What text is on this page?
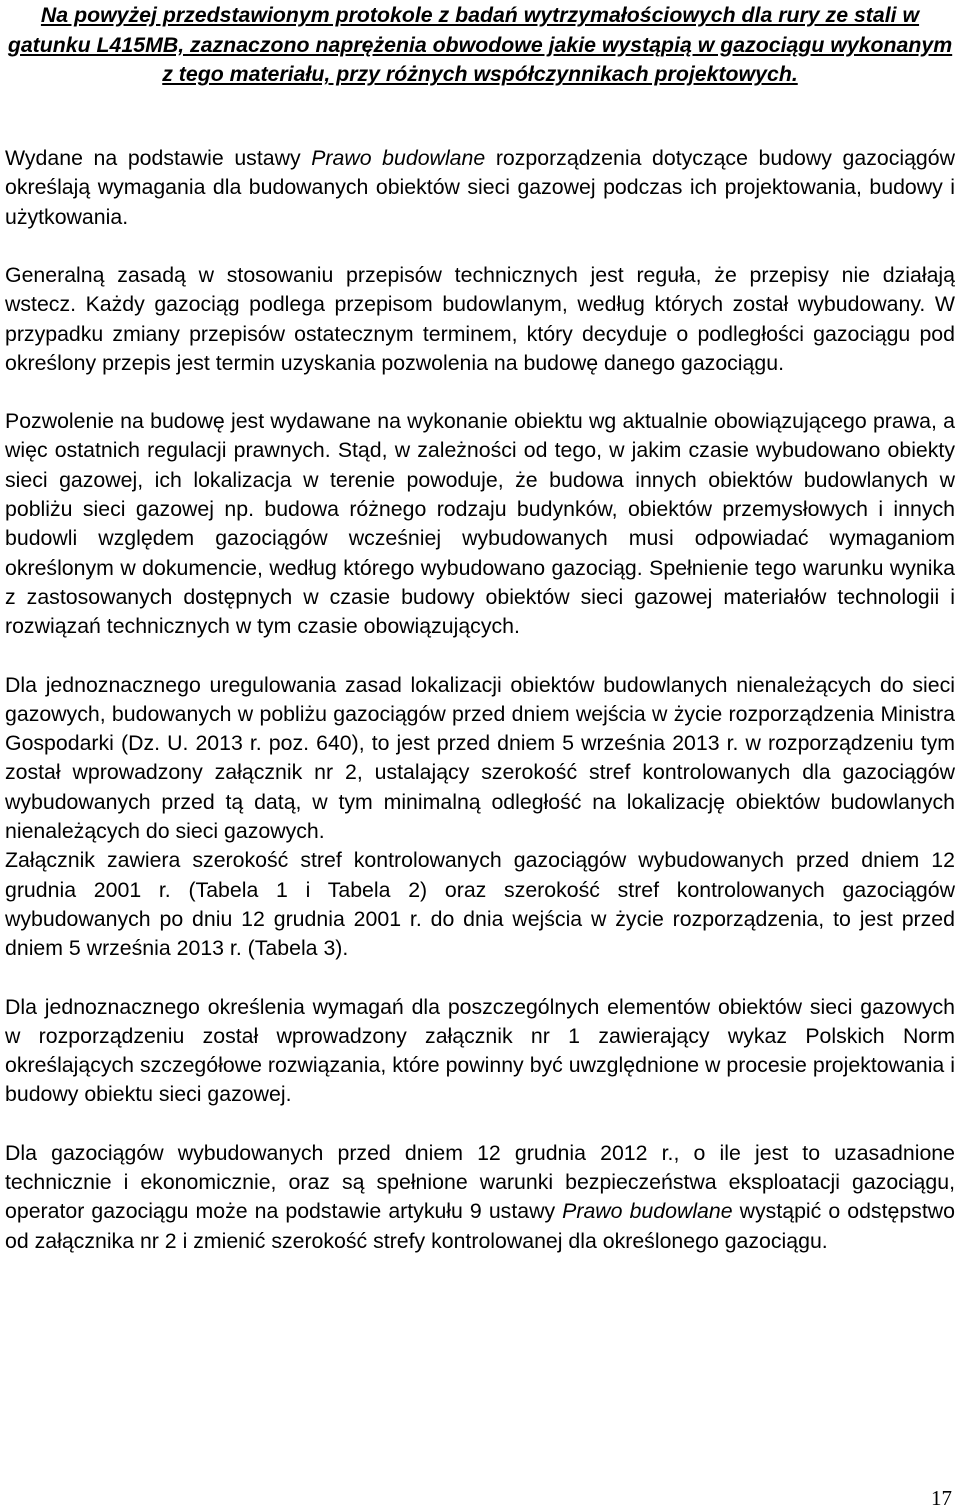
Na powyżej przedstawionym protokole z badań wytrzymałościowych dla rury ze stali w gatunku L415MB, zaznaczono naprężenia obwodowe jakie wystąpią w gazociągu wykonanym z tego materiału, przy różnych współczynnikach projektowych.

Wydane na podstawie ustawy Prawo budowlane rozporządzenia dotyczące budowy gazociągów określają wymagania dla budowanych obiektów sieci gazowej podczas ich projektowania, budowy i użytkowania.

Generalną zasadą w stosowaniu przepisów technicznych jest reguła, że przepisy nie działają wstecz. Każdy gazociąg podlega przepisom budowlanym, według których został wybudowany. W przypadku zmiany przepisów ostatecznym terminem, który decyduje o podległości gazociągu pod określony przepis jest termin uzyskania pozwolenia na budowę danego gazociągu.

Pozwolenie na budowę jest wydawane na wykonanie obiektu wg aktualnie obowiązującego prawa, a więc ostatnich regulacji prawnych. Stąd, w zależności od tego, w jakim czasie wybudowano obiekty sieci gazowej, ich lokalizacja w terenie powoduje, że budowa innych obiektów budowlanych w pobliżu sieci gazowej np. budowa różnego rodzaju budynków, obiektów przemysłowych i innych budowli względem gazociągów wcześniej wybudowanych musi odpowiadać wymaganiom określonym w dokumencie, według którego wybudowano gazociąg. Spełnienie tego warunku wynika z zastosowanych dostępnych w czasie budowy obiektów sieci gazowej materiałów technologii i rozwiązań technicznych w tym czasie obowiązujących.

Dla jednoznacznego uregulowania zasad lokalizacji obiektów budowlanych nienależących do sieci gazowych, budowanych w pobliżu gazociągów przed dniem wejścia w życie rozporządzenia Ministra Gospodarki (Dz. U. 2013 r. poz. 640), to jest przed dniem 5 września 2013 r. w rozporządzeniu tym został wprowadzony załącznik nr 2, ustalający szerokość stref kontrolowanych dla gazociągów wybudowanych przed tą datą, w tym minimalną odległość na lokalizację obiektów budowlanych nienależących do sieci gazowych.

Załącznik zawiera szerokość stref kontrolowanych gazociągów wybudowanych przed dniem 12 grudnia 2001 r. (Tabela 1 i Tabela 2) oraz szerokość stref kontrolowanych gazociągów wybudowanych po dniu 12 grudnia 2001 r. do dnia wejścia w życie rozporządzenia, to jest przed dniem 5 września 2013 r. (Tabela 3).

Dla jednoznacznego określenia wymagań dla poszczególnych elementów obiektów sieci gazowych w rozporządzeniu został wprowadzony załącznik nr 1 zawierający wykaz Polskich Norm określających szczegółowe rozwiązania, które powinny być uwzględnione w procesie projektowania i budowy obiektu sieci gazowej.

Dla gazociągów wybudowanych przed dniem 12 grudnia 2012 r., o ile jest to uzasadnione technicznie i ekonomicznie, oraz są spełnione warunki bezpieczeństwa eksploatacji gazociągu, operator gazociągu może na podstawie artykułu 9 ustawy Prawo budowlane wystąpić o odstępstwo od załącznika nr 2 i zmienić szerokość strefy kontrolowanej dla określonego gazociągu.

17
